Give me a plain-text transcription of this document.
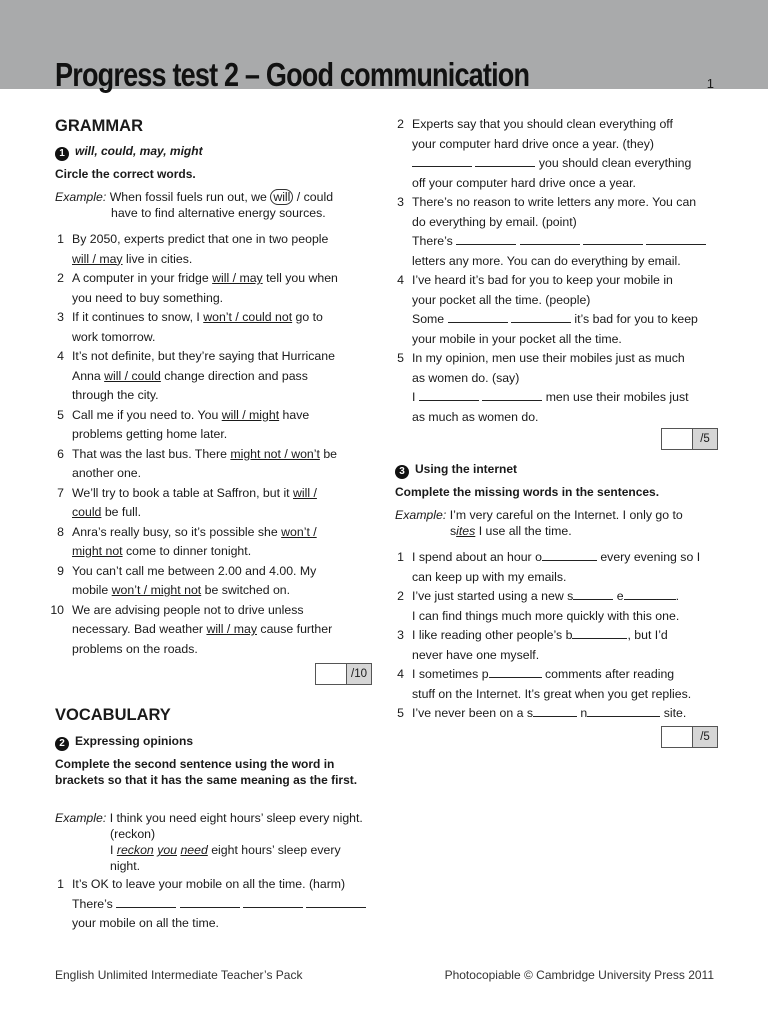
Progress test 2 – Good communication	1
GRAMMAR
1 will, could, may, might
Circle the correct words.
Example: When fossil fuels run out, we will / could
have to find alternative energy sources.
1 By 2050, experts predict that one in two people
will / may live in cities.
2 A computer in your fridge will / may tell you when
you need to buy something.
3 If it continues to snow, I won’t / could not go to
work tomorrow.
4 It’s not definite, but they’re saying that Hurricane
Anna will / could change direction and pass
through the city.
5 Call me if you need to. You will / might have
problems getting home later.
6 That was the last bus. There might not / won’t be
another one.
7 We’ll try to book a table at Saffron, but it will /
could be full.
8 Anra’s really busy, so it’s possible she won’t /
might not come to dinner tonight.
9 You can’t call me between 2.00 and 4.00. My
mobile won’t / might not be switched on.
10 We are advising people not to drive unless
necessary. Bad weather will / may cause further
problems on the roads.
/10
VOCABULARY
2 Expressing opinions
Complete the second sentence using the word in brackets so that it has the same meaning as the first.
Example: I think you need eight hours’ sleep every night.
(reckon)
I reckon you need eight hours’ sleep every
night.
1 It’s OK to leave your mobile on all the time. (harm)
There’s
your mobile on all the time.
2 Experts say that you should clean everything off
your computer hard drive once a year. (they)
you should clean everything
off your computer hard drive once a year.
3 There’s no reason to write letters any more. You can
do everything by email. (point)
There’s
letters any more. You can do everything by email.
4 I’ve heard it’s bad for you to keep your mobile in
your pocket all the time. (people)
Some	it’s bad for you to keep
your mobile in your pocket all the time.
5 In my opinion, men use their mobiles just as much
as women do. (say)
I	men use their mobiles just
as much as women do.
/5
3 Using the internet
Complete the missing words in the sentences.
Example: I’m very careful on the Internet. I only go to
sites I use all the time.
1 I spend about an hour o	every evening so I
can keep up with my emails.
2 I’ve just started using a new s	e	.
I can find things much more quickly with this one.
3 I like reading other people’s b	, but I’d
never have one myself.
4 I sometimes p	comments after reading
stuff on the Internet. It’s great when you get replies.
5 I’ve never been on a s	n	site.
/5
English Unlimited Intermediate Teacher’s Pack	Photocopiable © Cambridge University Press 2011
